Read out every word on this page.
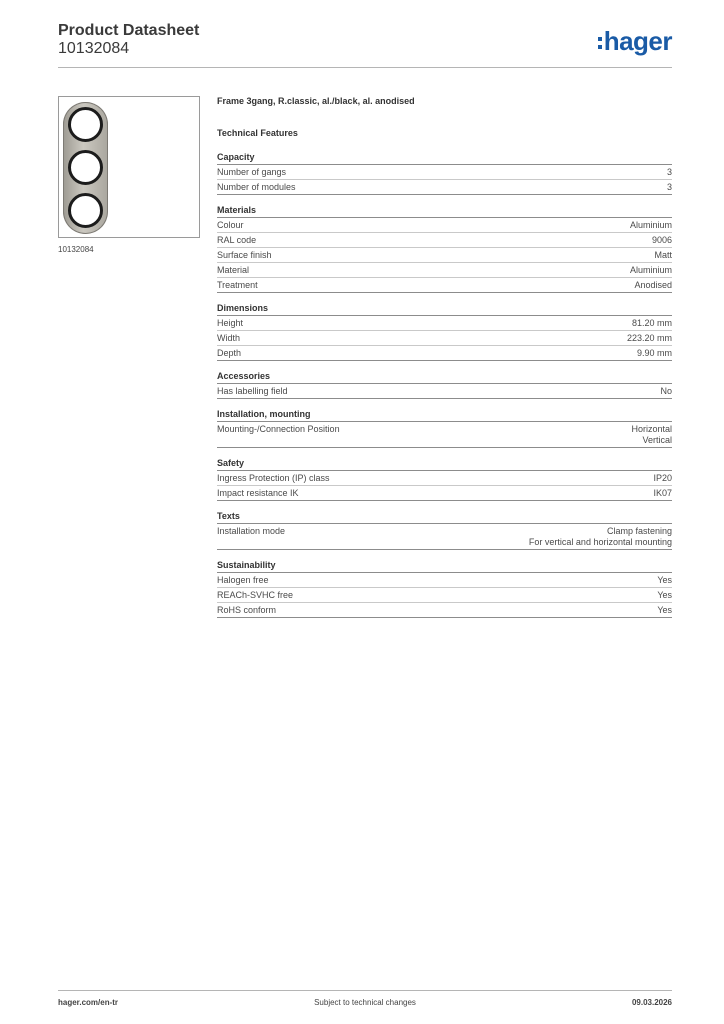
Product Datasheet
10132084	hager
10132084
Frame 3gang, R.classic, al./black, al. anodised
Technical Features
Capacity
Number of gangs	3
Number of modules	3
Materials
Colour	Aluminium
RAL code	9006
Surface finish	Matt
Material	Aluminium
Treatment	Anodised
Dimensions
Height	81.20 mm
Width	223.20 mm
Depth	9.90 mm
Accessories
Has labelling field	No
Installation, mounting
Mounting-/Connection Position	Horizontal
Vertical
Safety
Ingress Protection (IP) class	IP20
Impact resistance IK	IK07
Texts
Installation mode	Clamp fastening
For vertical and horizontal mounting
Sustainability
Halogen free	Yes
REACh-SVHC free	Yes
RoHS conform	Yes
hager.com/en-tr	Subject to technical changes	09.03.2026
